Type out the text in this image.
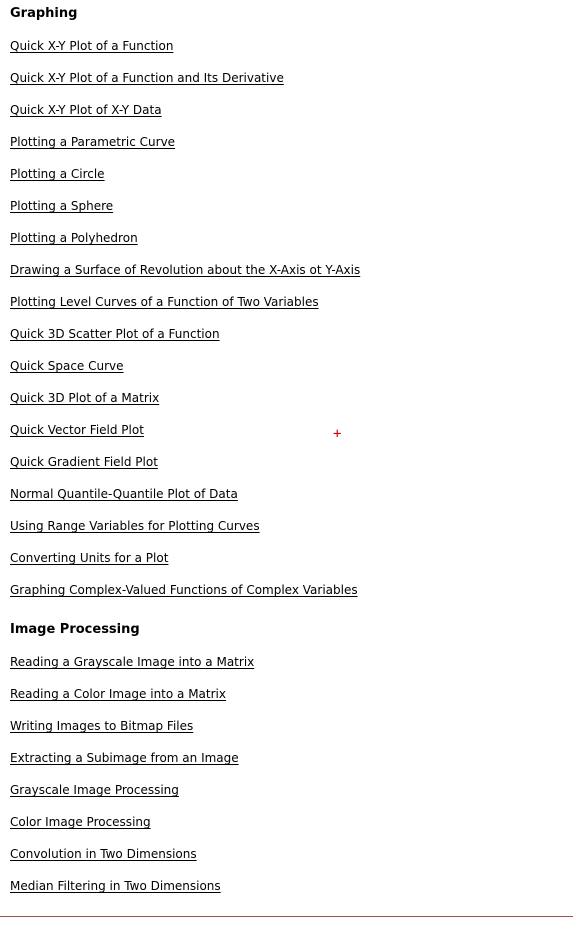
Graphing
Quick X-Y Plot of a Function
Quick X-Y Plot of a Function and Its Derivative
Quick X-Y Plot of X-Y Data
Plotting a Parametric Curve
Plotting a Circle
Plotting a Sphere
Plotting a Polyhedron
Drawing a Surface of Revolution about the X-Axis ot Y-Axis
Plotting Level Curves of a Function of Two Variables
Quick 3D Scatter Plot of a Function
Quick Space Curve
Quick 3D Plot of a Matrix
Quick Vector Field Plot
Quick Gradient Field Plot
Normal Quantile-Quantile Plot of Data
Using Range Variables for Plotting Curves
Converting Units for a Plot
Graphing Complex-Valued Functions of Complex Variables
Image Processing
Reading a Grayscale Image into a Matrix
Reading a Color Image into a Matrix
Writing Images to Bitmap Files
Extracting a Subimage from an Image
Grayscale Image Processing
Color Image Processing
Convolution in Two Dimensions
Median Filtering in Two Dimensions
+
